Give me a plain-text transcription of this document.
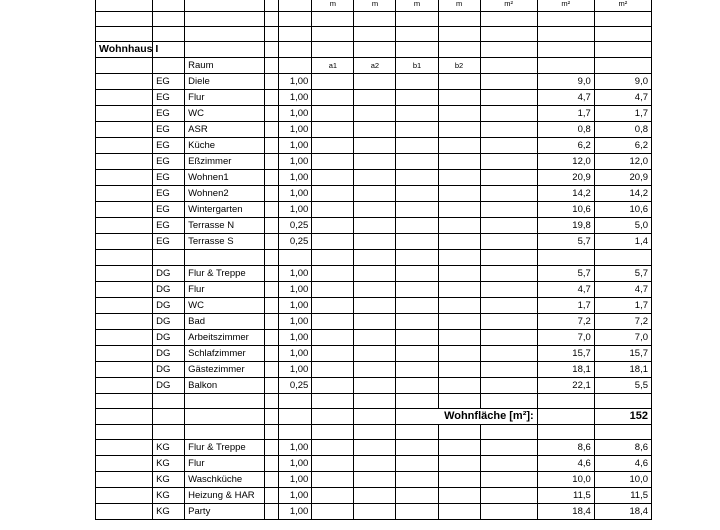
					m	m	m	m	m²	m²	m²

Wohnhaus I											
		Raum			a1	a2	b1	b2			
	EG	Diele		1,00						9,0	9,0
	EG	Flur		1,00						4,7	4,7
	EG	WC		1,00						1,7	1,7
	EG	ASR		1,00						0,8	0,8
	EG	Küche		1,00						6,2	6,2
	EG	Eßzimmer		1,00						12,0	12,0
	EG	Wohnen1		1,00						20,9	20,9
	EG	Wohnen2		1,00						14,2	14,2
	EG	Wintergarten		1,00						10,6	10,6
	EG	Terrasse N		0,25						19,8	5,0
	EG	Terrasse S		0,25						5,7	1,4

	DG	Flur & Treppe		1,00						5,7	5,7
	DG	Flur		1,00						4,7	4,7
	DG	WC		1,00						1,7	1,7
	DG	Bad		1,00						7,2	7,2
	DG	Arbeitszimmer		1,00						7,0	7,0
	DG	Schlafzimmer		1,00						15,7	15,7
	DG	Gästezimmer		1,00						18,1	18,1
	DG	Balkon		0,25						22,1	5,5

							Wohnfläche [m²]:				152

	KG	Flur & Treppe		1,00						8,6	8,6
	KG	Flur		1,00						4,6	4,6
	KG	Waschküche		1,00						10,0	10,0
	KG	Heizung & HAR		1,00						11,5	11,5
	KG	Party		1,00						18,4	18,4
